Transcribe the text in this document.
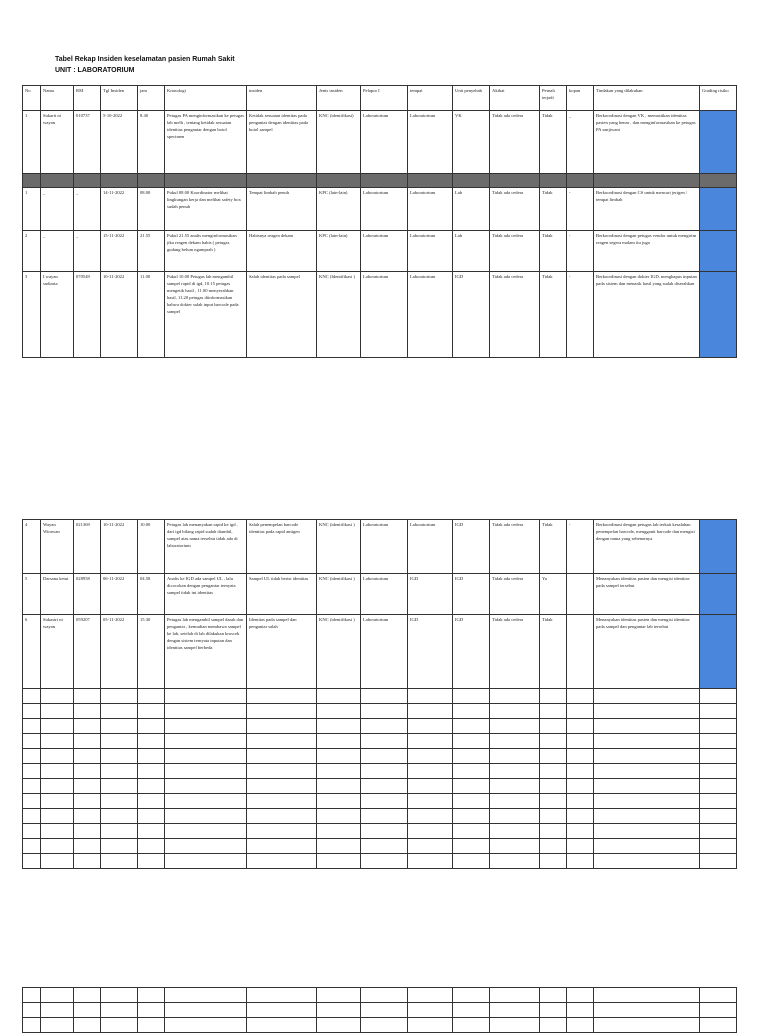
Tabel Rekap Insiden keselamatan pasien Rumah Sakit
UNIT : LABORATORIUM
No	Nama	RM	Tgl Insiden	jam	Kronologi	insiden	Jenis insiden	Pelapor I	tempat	Unit penyebab	Akibat	Pernah terjadi	kopan	Tindakan yang dilakukan	Grading risiko
1	Sukarti ni wayan	010737	5-10-2022	8.40	Petugas PA menginformasikan ke petugas lab melh , tentang ketidak sesuaian identitas pengantar dengan botol specimen	Ketidak sesuaian identitas pada pengantar dengan identitas pada botol sampel	KNC (identifikasi)	Laboratorium	Laboratorium	VK	Tidak ada cedera	Tidak	_	Berkoordinasi dengan VK , memastikan identitas pasien yang benar , dan menginformasikan ke petugas PA sanjiwani	

1	_	_	14-11-2022	08.00	Pukul 08.00 Koordinator melihat lingkungan kerja dan melihat safety box sudah penuh	Tempat limbah penuh	KPC (lain-lain)	Laboratorium	Laboratorium	Lab	Tidak ada cedera	Tidak	-	Berkoordinasi dengan CS untuk mencari jerigen / tempat limbah	
2	_	_	15-11-2022	21.55	Pukul 21.55 analis menginformasikan jika reagen dekam habis ( petugas gudang belum ngamprah )	Habisnya reagen dekam	KPC (lain-lain)	Laboratorium	Laboratorium	Lab	Tidak ada cedera	Tidak	-	Berkoordinasi dengan petugas vendor untuk mengirim reagen segera malam itu juga	
3	I wayan sudiarta	070549	10-11-2022	11.00	Pukul 10.00 Petugas lab mengambil sampel rapid di igd, 10.15 petugas mengetik hasil , 11.00 menyerahkan hasil, 11.20 petugas diinformasikan bahwa dokter salah input barcode pada sampel	Salah identitas pada sampel	KNC (Identifikasi )	Laboratorium	Laboratorium	IGD	Tidak ada cedera	Tidak	-	Berkoordinasi dengan dokter IGD, menghapus inputan pada sistem dan menarik hasil yang sudah diserahkan	
4	Wayan Wirawan	021369	10-11-2022	10.00	Petugas lab menanyakan rapid ke igd , dari igd bilang rapid sudah diambil, sampel atas nama tersebut tidak ada di laboratorium	Salah penempelan barcode identitas pada rapid antigen	KNC (identifikasi )	Laboratorium	Laboratorium	IGD	Tidak ada cedera	Tidak	-	Berkoordinasi dengan petugas lab terkait kesalahan penempelan barcode, mengganti barcode dan mengisi dengan nama yang sebenarnya	
5	Darsana ketut	028958	06-11-2022	04.58	Analis ke IGD ada sampel UL , lalu dicocokan dengan pengantar ternyata sampel tidak ini identitas	Sampel UL tidak berisi identitas	KNC (identifikasi )	Laboratorium	IGD	IGD	Tidak ada cedera	Ya		Menanyakan identitas pasien dan mengisi identitas pada sampel tersebut	
6	Sukastri ni wayan	059207	05-11-2022	15.30	Petugas lab mengambil sampel darah dan pengantar , kemudian membawa sampel ke lab, setelah di lab dilakukan kroscek dengan sistem ternyata inputan dan identitas sampel berbeda	Identitas pada sampel dan pengantar salah	KNC (identifikasi )	Laboratorium	IGD	IGD	Tidak ada cedera	Tidak		Menanyakan identitas pasien dan mengisi identitas pada sampel dan pengantar lab tersebut	
